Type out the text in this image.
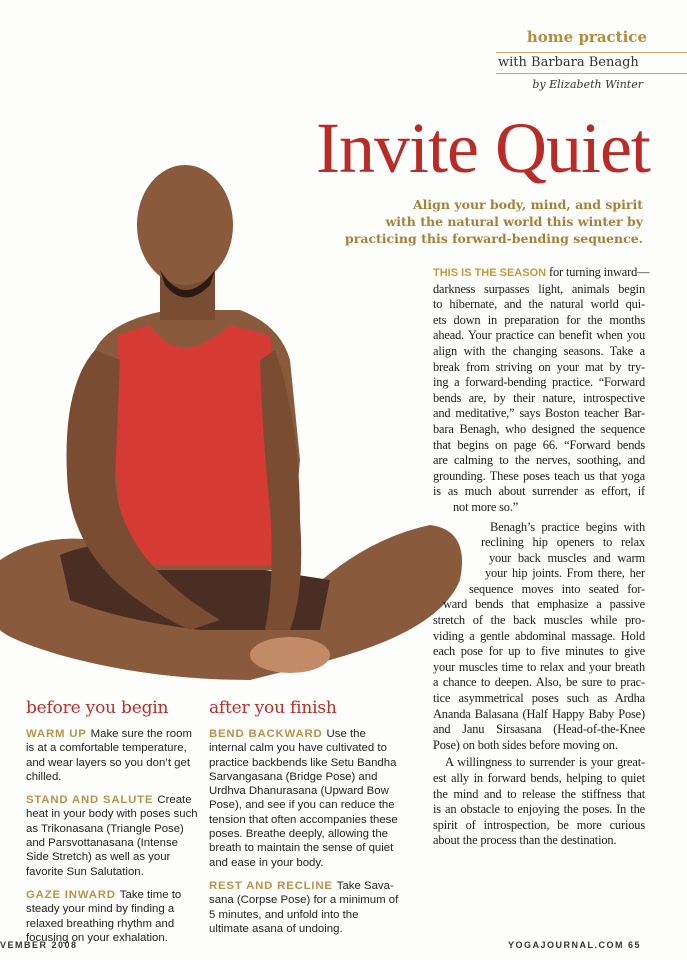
home practice
with Barbara Benagh
by Elizabeth Winter
Invite Quiet
Align your body, mind, and spirit
with the natural world this winter by
practicing this forward-bending sequence.
THIS IS THE SEASON for turning inward—
darkness surpasses light, animals begin
to hibernate, and the natural world qui-
ets down in preparation for the months
ahead. Your practice can benefit when you
align with the changing seasons. Take a
break from striving on your mat by try-
ing a forward-bending practice. “Forward
bends are, by their nature, introspective
and meditative,” says Boston teacher Bar-
bara Benagh, who designed the sequence
that begins on page 66. “Forward bends
are calming to the nerves, soothing, and
grounding. These poses teach us that yoga
is as much about surrender as effort, if
not more so.”
Benagh’s practice begins with
reclining hip openers to relax
your back muscles and warm
your hip joints. From there, her
sequence moves into seated for-
ward bends that emphasize a passive
stretch of the back muscles while pro-
viding a gentle abdominal massage. Hold
each pose for up to five minutes to give
your muscles time to relax and your breath
a chance to deepen. Also, be sure to prac-
tice asymmetrical poses such as Ardha
Ananda Balasana (Half Happy Baby Pose)
and Janu Sirsasana (Head-of-the-Knee
Pose) on both sides before moving on.
A willingness to surrender is your great-
est ally in forward bends, helping to quiet
the mind and to release the stiffness that
is an obstacle to enjoying the poses. In the
spirit of introspection, be more curious
about the process than the destination.
before you begin

WARM UP Make sure the room is at a comfortable temperature, and wear layers so you don’t get chilled.

STAND AND SALUTE Create heat in your body with poses such as Trikonasana (Triangle Pose) and Parsvottanasana (Intense Side Stretch) as well as your favorite Sun Salutation.

GAZE INWARD Take time to steady your mind by finding a relaxed breathing rhythm and focusing on your exhalation.

after you finish

BEND BACKWARD Use the internal calm you have cultivated to practice backbends like Setu Bandha Sarvangasana (Bridge Pose) and Urdhva Dhanurasana (Upward Bow Pose), and see if you can reduce the tension that often accompanies these poses. Breathe deeply, allowing the breath to maintain the sense of quiet and ease in your body.

REST AND RECLINE Take Savasana (Corpse Pose) for a minimum of 5 minutes, and unfold into the ultimate asana of undoing.

VEMBER 2008	YOGAJOURNAL.COM 65
